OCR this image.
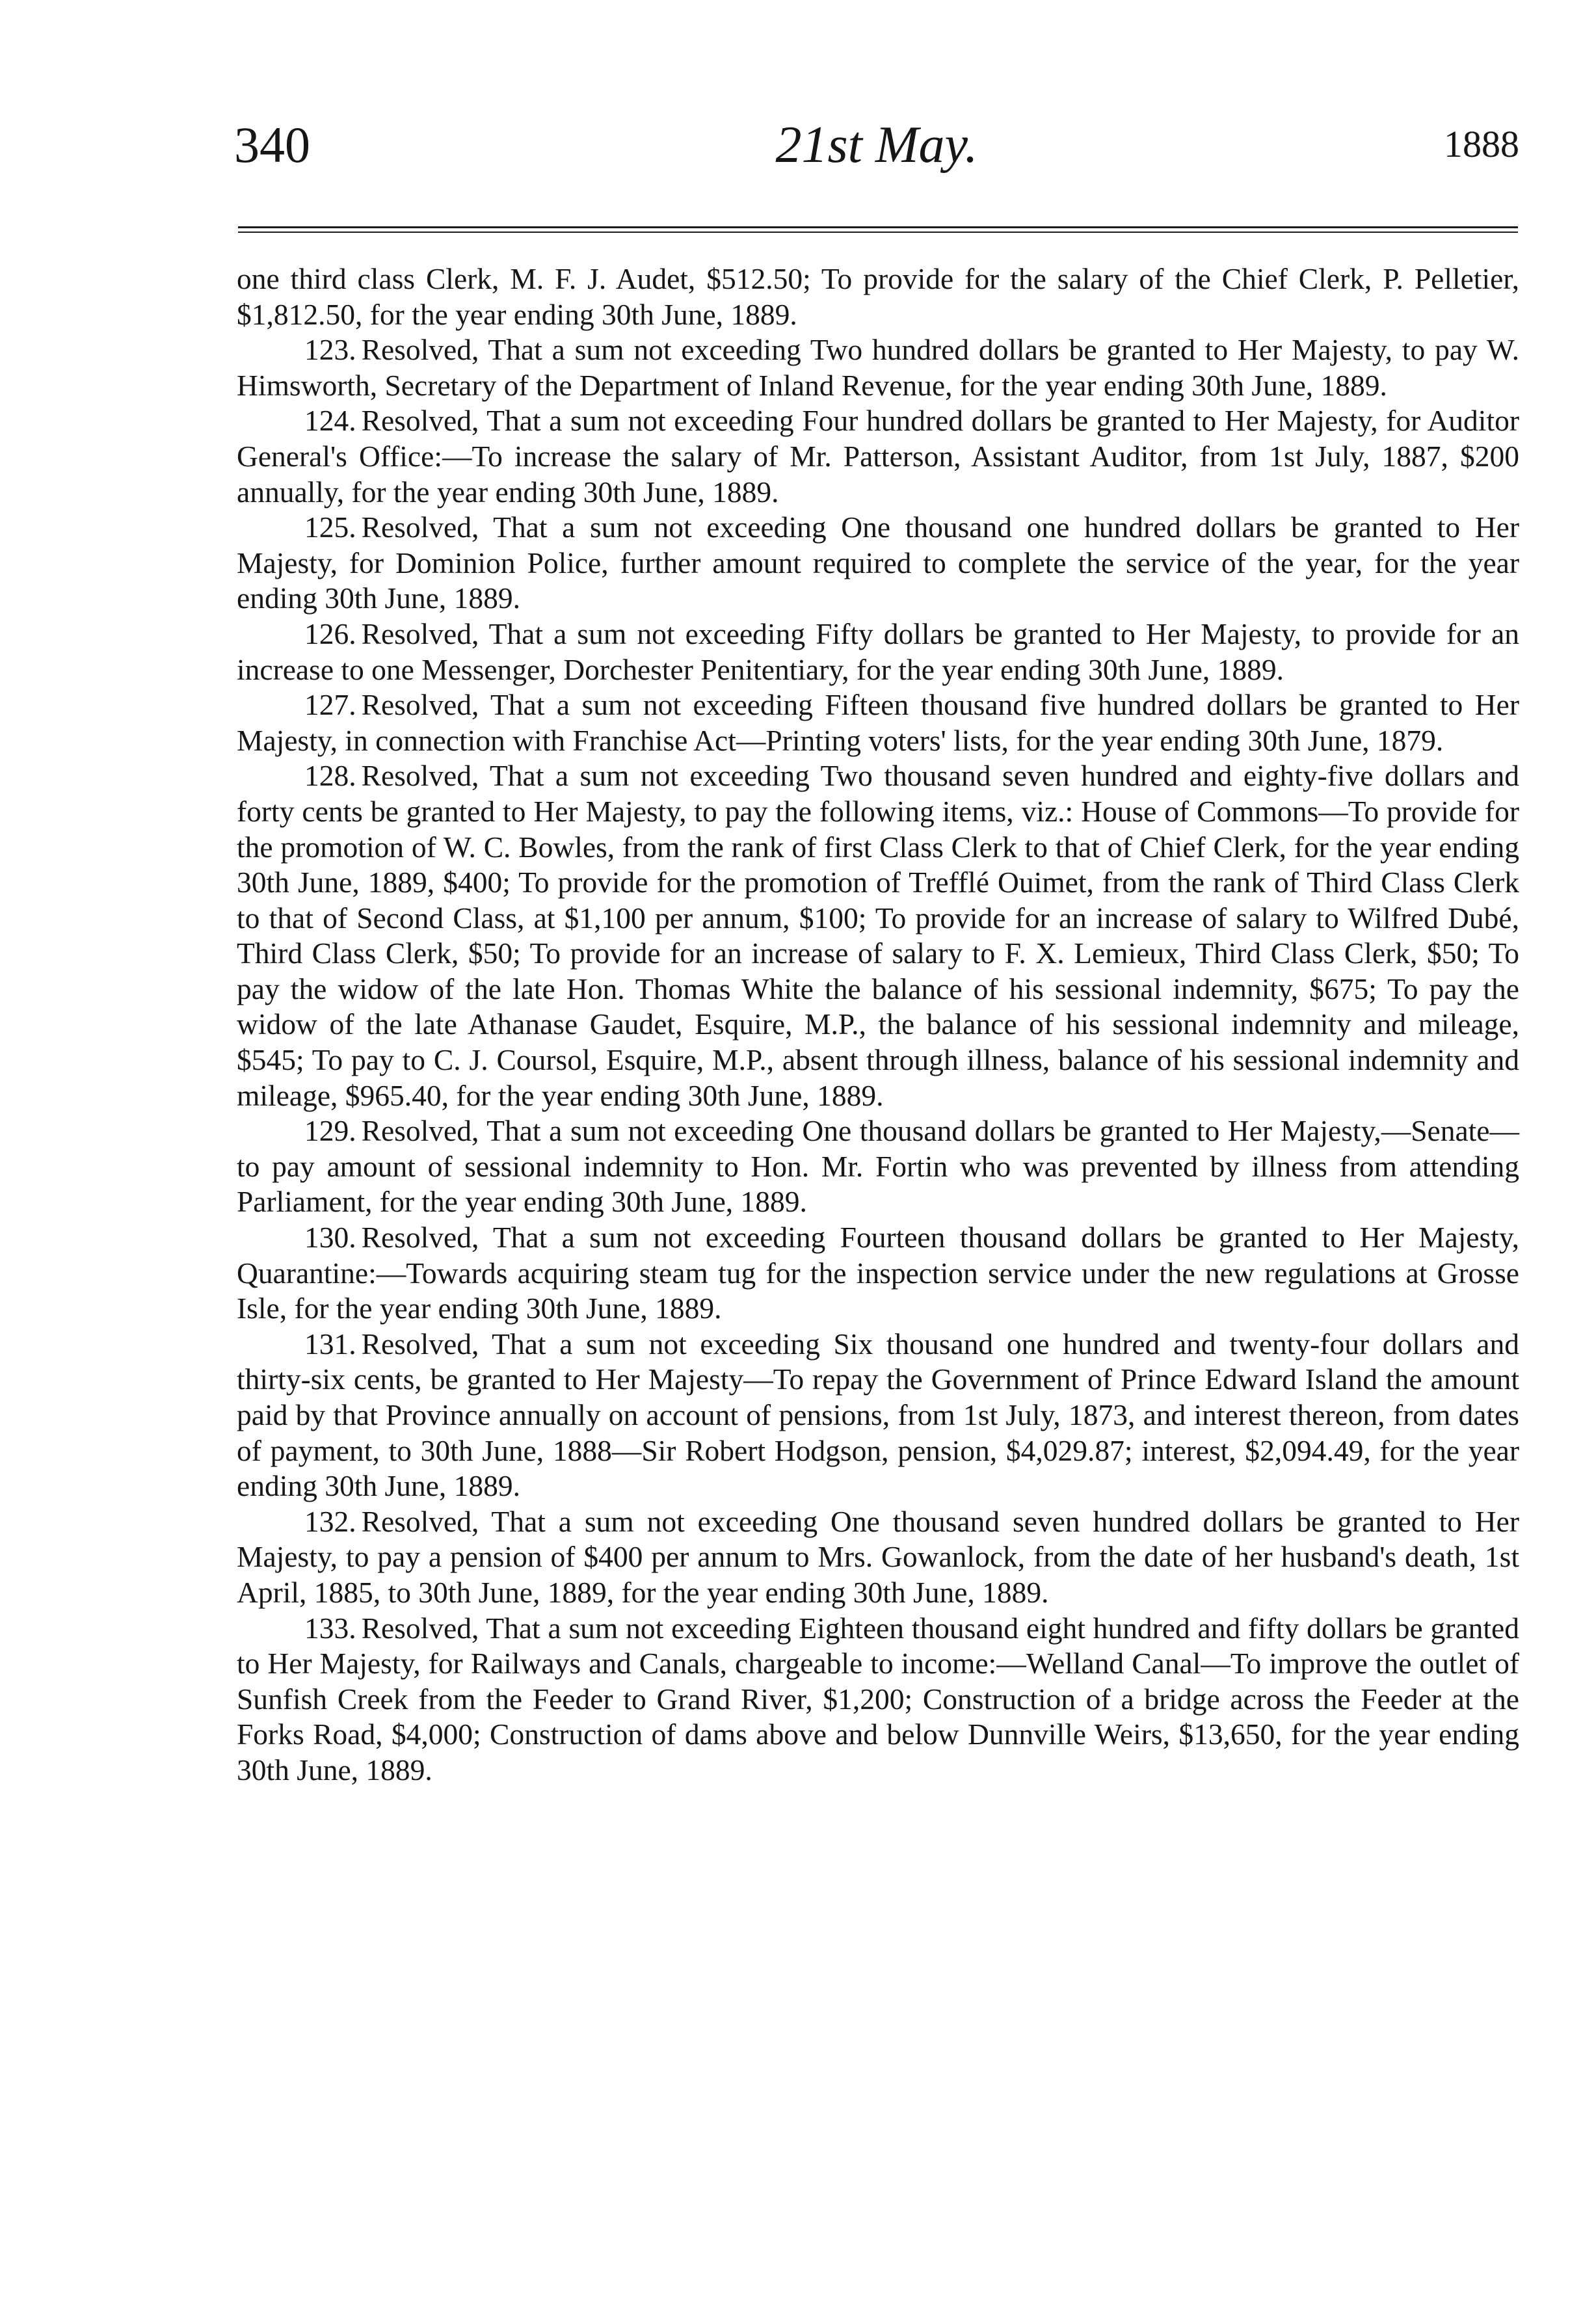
340	21st May.	1888

one third class Clerk, M. F. J. Audet, $512.50; To provide for the salary of the Chief Clerk, P. Pelletier, $1,812.50, for the year ending 30th June, 1889.

123. Resolved, That a sum not exceeding Two hundred dollars be granted to Her Majesty, to pay W. Himsworth, Secretary of the Department of Inland Revenue, for the year ending 30th June, 1889.

124. Resolved, That a sum not exceeding Four hundred dollars be granted to Her Majesty, for Auditor General's Office:—To increase the salary of Mr. Patterson, Assistant Auditor, from 1st July, 1887, $200 annually, for the year ending 30th June, 1889.

125. Resolved, That a sum not exceeding One thousand one hundred dollars be granted to Her Majesty, for Dominion Police, further amount required to complete the service of the year, for the year ending 30th June, 1889.

126. Resolved, That a sum not exceeding Fifty dollars be granted to Her Majesty, to provide for an increase to one Messenger, Dorchester Penitentiary, for the year ending 30th June, 1889.

127. Resolved, That a sum not exceeding Fifteen thousand five hundred dollars be granted to Her Majesty, in connection with Franchise Act—Printing voters' lists, for the year ending 30th June, 1879.

128. Resolved, That a sum not exceeding Two thousand seven hundred and eighty-five dollars and forty cents be granted to Her Majesty, to pay the following items, viz.: House of Commons—To provide for the promotion of W. C. Bowles, from the rank of first Class Clerk to that of Chief Clerk, for the year ending 30th June, 1889, $400; To provide for the promotion of Trefflé Ouimet, from the rank of Third Class Clerk to that of Second Class, at $1,100 per annum, $100; To provide for an increase of salary to Wilfred Dubé, Third Class Clerk, $50; To provide for an increase of salary to F. X. Lemieux, Third Class Clerk, $50; To pay the widow of the late Hon. Thomas White the balance of his sessional indemnity, $675; To pay the widow of the late Athanase Gaudet, Esquire, M.P., the balance of his sessional indemnity and mileage, $545; To pay to C. J. Coursol, Esquire, M.P., absent through illness, balance of his sessional indemnity and mileage, $965.40, for the year ending 30th June, 1889.

129. Resolved, That a sum not exceeding One thousand dollars be granted to Her Majesty,—Senate—to pay amount of sessional indemnity to Hon. Mr. Fortin who was prevented by illness from attending Parliament, for the year ending 30th June, 1889.

130. Resolved, That a sum not exceeding Fourteen thousand dollars be granted to Her Majesty, Quarantine:—Towards acquiring steam tug for the inspection service under the new regulations at Grosse Isle, for the year ending 30th June, 1889.

131. Resolved, That a sum not exceeding Six thousand one hundred and twenty-four dollars and thirty-six cents, be granted to Her Majesty—To repay the Government of Prince Edward Island the amount paid by that Province annually on account of pensions, from 1st July, 1873, and interest thereon, from dates of payment, to 30th June, 1888—Sir Robert Hodgson, pension, $4,029.87; interest, $2,094.49, for the year ending 30th June, 1889.

132. Resolved, That a sum not exceeding One thousand seven hundred dollars be granted to Her Majesty, to pay a pension of $400 per annum to Mrs. Gowanlock, from the date of her husband's death, 1st April, 1885, to 30th June, 1889, for the year ending 30th June, 1889.

133. Resolved, That a sum not exceeding Eighteen thousand eight hundred and fifty dollars be granted to Her Majesty, for Railways and Canals, chargeable to income:—Welland Canal—To improve the outlet of Sunfish Creek from the Feeder to Grand River, $1,200; Construction of a bridge across the Feeder at the Forks Road, $4,000; Construction of dams above and below Dunnville Weirs, $13,650, for the year ending 30th June, 1889.
